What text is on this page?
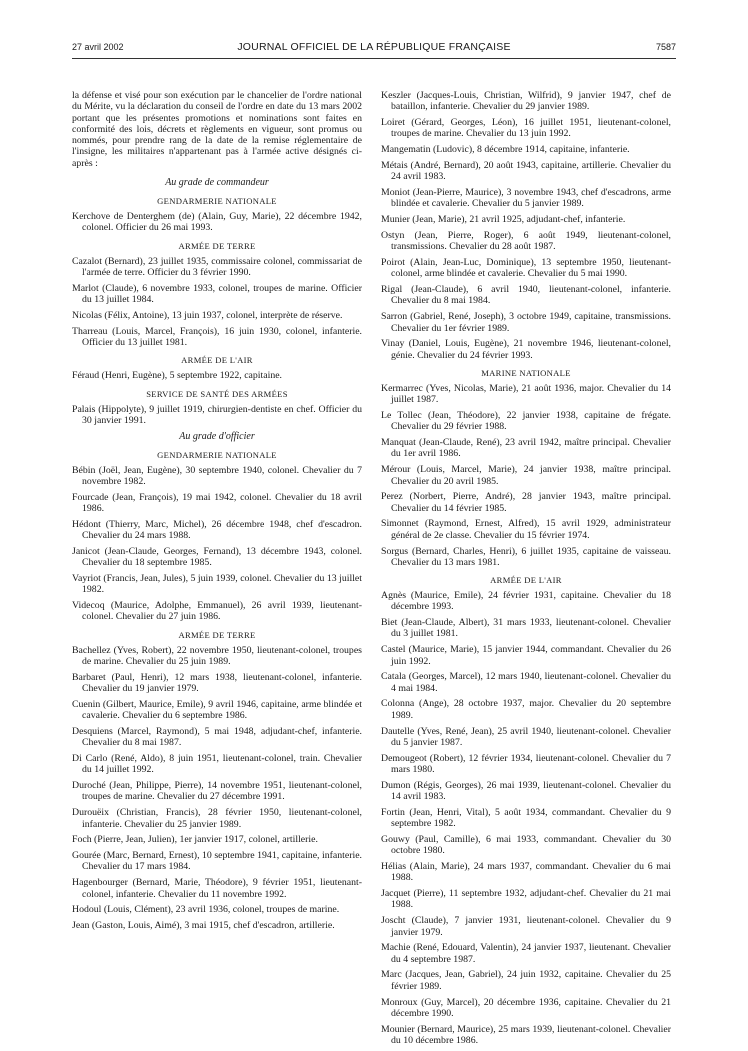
27 avril 2002	JOURNAL OFFICIEL DE LA RÉPUBLIQUE FRANÇAISE	7587

la défense et visé pour son exécution par le chancelier de l'ordre national du Mérite, vu la déclaration du conseil de l'ordre en date du 13 mars 2002 portant que les présentes promotions et nominations sont faites en conformité des lois, décrets et règlements en vigueur, sont promus ou nommés, pour prendre rang de la date de la remise réglementaire de l'insigne, les militaires n'appartenant pas à l'armée active désignés ci-après :

Au grade de commandeur
GENDARMERIE NATIONALE

Kerchove de Denterghem (de) (Alain, Guy, Marie), 22 décembre 1942, colonel. Officier du 26 mai 1993.

ARMÉE DE TERRE

Cazalot (Bernard), 23 juillet 1935, commissaire colonel, commissariat de l'armée de terre. Officier du 3 février 1990.

Marlot (Claude), 6 novembre 1933, colonel, troupes de marine. Officier du 13 juillet 1984.

Nicolas (Félix, Antoine), 13 juin 1937, colonel, interprète de réserve.

Tharreau (Louis, Marcel, François), 16 juin 1930, colonel, infanterie. Officier du 13 juillet 1981.

ARMÉE DE L'AIR

Féraud (Henri, Eugène), 5 septembre 1922, capitaine.

SERVICE DE SANTÉ DES ARMÉES

Palais (Hippolyte), 9 juillet 1919, chirurgien-dentiste en chef. Officier du 30 janvier 1991.

Au grade d'officier
GENDARMERIE NATIONALE

Bébin (Joël, Jean, Eugène), 30 septembre 1940, colonel. Chevalier du 7 novembre 1982.

Fourcade (Jean, François), 19 mai 1942, colonel. Chevalier du 18 avril 1986.

Hédont (Thierry, Marc, Michel), 26 décembre 1948, chef d'escadron. Chevalier du 24 mars 1988.

Janicot (Jean-Claude, Georges, Fernand), 13 décembre 1943, colonel. Chevalier du 18 septembre 1985.

Vayriot (Francis, Jean, Jules), 5 juin 1939, colonel. Chevalier du 13 juillet 1982.

Videcoq (Maurice, Adolphe, Emmanuel), 26 avril 1939, lieutenant-colonel. Chevalier du 27 juin 1986.

ARMÉE DE TERRE

Bachellez (Yves, Robert), 22 novembre 1950, lieutenant-colonel, troupes de marine. Chevalier du 25 juin 1989.

Barbaret (Paul, Henri), 12 mars 1938, lieutenant-colonel, infanterie. Chevalier du 19 janvier 1979.

Cuenin (Gilbert, Maurice, Emile), 9 avril 1946, capitaine, arme blindée et cavalerie. Chevalier du 6 septembre 1986.

Desquiens (Marcel, Raymond), 5 mai 1948, adjudant-chef, infanterie. Chevalier du 8 mai 1987.

Di Carlo (René, Aldo), 8 juin 1951, lieutenant-colonel, train. Chevalier du 14 juillet 1992.

Duroché (Jean, Philippe, Pierre), 14 novembre 1951, lieutenant-colonel, troupes de marine. Chevalier du 27 décembre 1991.

Durouëix (Christian, Francis), 28 février 1950, lieutenant-colonel, infanterie. Chevalier du 25 janvier 1989.

Foch (Pierre, Jean, Julien), 1er janvier 1917, colonel, artillerie.

Gourée (Marc, Bernard, Ernest), 10 septembre 1941, capitaine, infanterie. Chevalier du 17 mars 1984.

Hagenbourger (Bernard, Marie, Théodore), 9 février 1951, lieutenant-colonel, infanterie. Chevalier du 11 novembre 1992.

Hodoul (Louis, Clément), 23 avril 1936, colonel, troupes de marine.

Jean (Gaston, Louis, Aimé), 3 mai 1915, chef d'escadron, artillerie.

Keszler (Jacques-Louis, Christian, Wilfrid), 9 janvier 1947, chef de bataillon, infanterie. Chevalier du 29 janvier 1989.

Loiret (Gérard, Georges, Léon), 16 juillet 1951, lieutenant-colonel, troupes de marine. Chevalier du 13 juin 1992.

Mangematin (Ludovic), 8 décembre 1914, capitaine, infanterie.

Métais (André, Bernard), 20 août 1943, capitaine, artillerie. Chevalier du 24 avril 1983.

Moniot (Jean-Pierre, Maurice), 3 novembre 1943, chef d'escadrons, arme blindée et cavalerie. Chevalier du 5 janvier 1989.

Munier (Jean, Marie), 21 avril 1925, adjudant-chef, infanterie.

Ostyn (Jean, Pierre, Roger), 6 août 1949, lieutenant-colonel, transmissions. Chevalier du 28 août 1987.

Poirot (Alain, Jean-Luc, Dominique), 13 septembre 1950, lieutenant-colonel, arme blindée et cavalerie. Chevalier du 5 mai 1990.

Rigal (Jean-Claude), 6 avril 1940, lieutenant-colonel, infanterie. Chevalier du 8 mai 1984.

Sarron (Gabriel, René, Joseph), 3 octobre 1949, capitaine, transmissions. Chevalier du 1er février 1989.

Vinay (Daniel, Louis, Eugène), 21 novembre 1946, lieutenant-colonel, génie. Chevalier du 24 février 1993.

MARINE NATIONALE

Kermarrec (Yves, Nicolas, Marie), 21 août 1936, major. Chevalier du 14 juillet 1987.

Le Tollec (Jean, Théodore), 22 janvier 1938, capitaine de frégate. Chevalier du 29 février 1988.

Manquat (Jean-Claude, René), 23 avril 1942, maître principal. Chevalier du 1er avril 1986.

Mérour (Louis, Marcel, Marie), 24 janvier 1938, maître principal. Chevalier du 20 avril 1985.

Perez (Norbert, Pierre, André), 28 janvier 1943, maître principal. Chevalier du 14 février 1985.

Simonnet (Raymond, Ernest, Alfred), 15 avril 1929, administrateur général de 2e classe. Chevalier du 15 février 1974.

Sorgus (Bernard, Charles, Henri), 6 juillet 1935, capitaine de vaisseau. Chevalier du 13 mars 1981.

ARMÉE DE L'AIR

Agnès (Maurice, Emile), 24 février 1931, capitaine. Chevalier du 18 décembre 1993.

Biet (Jean-Claude, Albert), 31 mars 1933, lieutenant-colonel. Chevalier du 3 juillet 1981.

Castel (Maurice, Marie), 15 janvier 1944, commandant. Chevalier du 26 juin 1992.

Catala (Georges, Marcel), 12 mars 1940, lieutenant-colonel. Chevalier du 4 mai 1984.

Colonna (Ange), 28 octobre 1937, major. Chevalier du 20 septembre 1989.

Dautelle (Yves, René, Jean), 25 avril 1940, lieutenant-colonel. Chevalier du 5 janvier 1987.

Demougeot (Robert), 12 février 1934, lieutenant-colonel. Chevalier du 7 mars 1980.

Dumon (Régis, Georges), 26 mai 1939, lieutenant-colonel. Chevalier du 14 avril 1983.

Fortin (Jean, Henri, Vital), 5 août 1934, commandant. Chevalier du 9 septembre 1982.

Gouwy (Paul, Camille), 6 mai 1933, commandant. Chevalier du 30 octobre 1980.

Hélias (Alain, Marie), 24 mars 1937, commandant. Chevalier du 6 mai 1988.

Jacquet (Pierre), 11 septembre 1932, adjudant-chef. Chevalier du 21 mai 1988.

Joscht (Claude), 7 janvier 1931, lieutenant-colonel. Chevalier du 9 janvier 1979.

Machie (René, Edouard, Valentin), 24 janvier 1937, lieutenant. Chevalier du 4 septembre 1987.

Marc (Jacques, Jean, Gabriel), 24 juin 1932, capitaine. Chevalier du 25 février 1989.

Monroux (Guy, Marcel), 20 décembre 1936, capitaine. Chevalier du 21 décembre 1990.

Mounier (Bernard, Maurice), 25 mars 1939, lieutenant-colonel. Chevalier du 10 décembre 1986.
